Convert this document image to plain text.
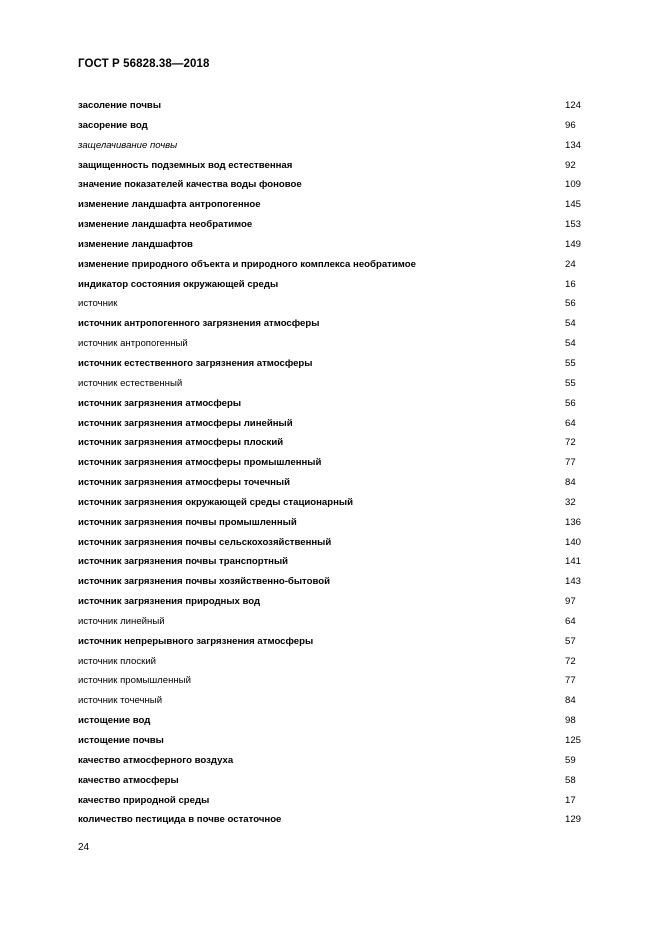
ГОСТ Р 56828.38—2018
засоление почвы	124
засорение вод	96
защелачивание почвы	134
защищенность подземных вод естественная	92
значение показателей качества воды фоновое	109
изменение ландшафта антропогенное	145
изменение ландшафта необратимое	153
изменение ландшафтов	149
изменение природного объекта и природного комплекса необратимое	24
индикатор состояния окружающей среды	16
источник	56
источник антропогенного загрязнения атмосферы	54
источник антропогенный	54
источник естественного загрязнения атмосферы	55
источник естественный	55
источник загрязнения атмосферы	56
источник загрязнения атмосферы линейный	64
источник загрязнения атмосферы плоский	72
источник загрязнения атмосферы промышленный	77
источник загрязнения атмосферы точечный	84
источник загрязнения окружающей среды стационарный	32
источник загрязнения почвы промышленный	136
источник загрязнения почвы сельскохозяйственный	140
источник загрязнения почвы транспортный	141
источник загрязнения почвы хозяйственно-бытовой	143
источник загрязнения природных вод	97
источник линейный	64
источник непрерывного загрязнения атмосферы	57
источник плоский	72
источник промышленный	77
источник точечный	84
истощение вод	98
истощение почвы	125
качество атмосферного воздуха	59
качество атмосферы	58
качество природной среды	17
количество пестицида в почве остаточное	129
24
